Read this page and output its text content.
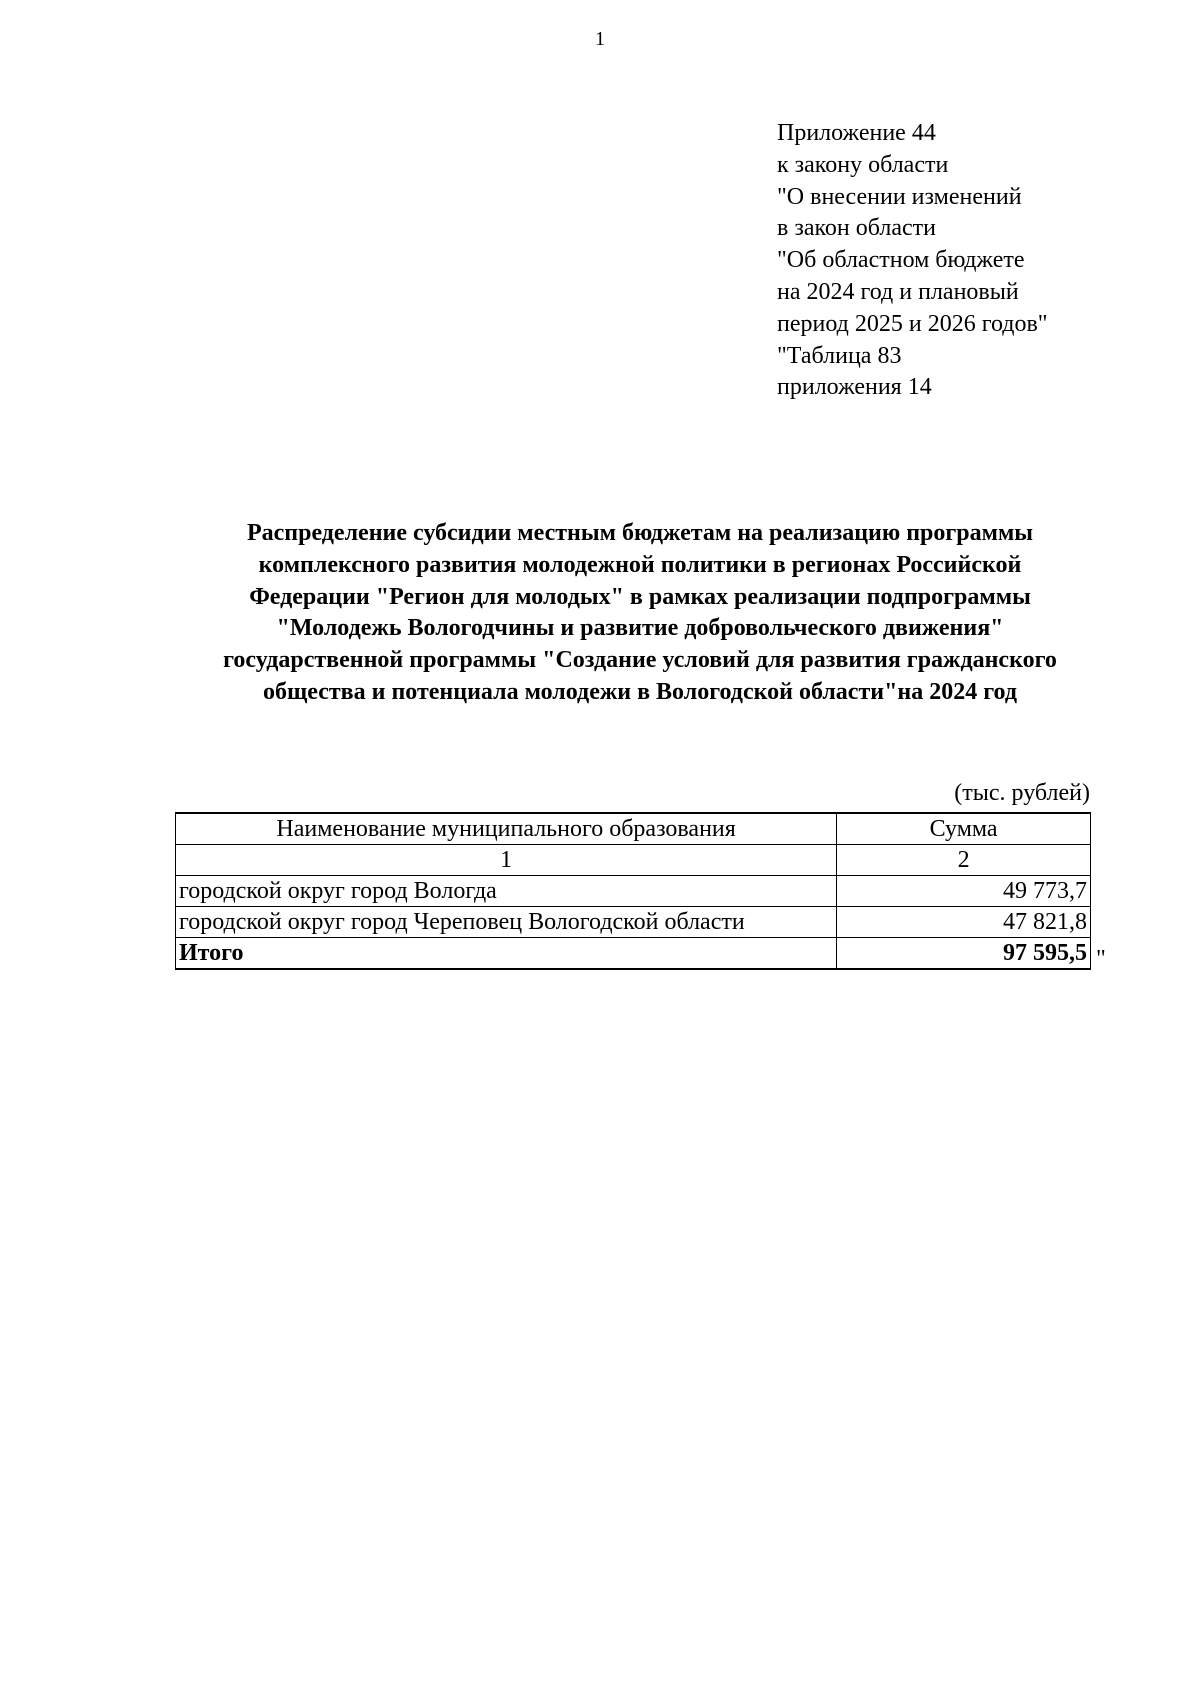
1
Приложение 44
к закону области
"О внесении изменений
в закон области
"Об областном бюджете
на 2024 год и плановый
период 2025 и 2026 годов"
"Таблица 83
приложения 14
Распределение субсидии местным бюджетам на реализацию программы
комплексного развития молодежной политики в регионах Российской
Федерации "Регион для молодых" в рамках реализации подпрограммы
"Молодежь Вологодчины и развитие добровольческого движения"
государственной программы "Создание условий для развития гражданского
общества и потенциала молодежи в Вологодской области"на 2024 год
(тыс. рублей)
Наименование муниципального образования	Сумма
1	2
городской округ город Вологда	49 773,7
городской округ город Череповец Вологодской области	47 821,8
Итого	97 595,5 "
